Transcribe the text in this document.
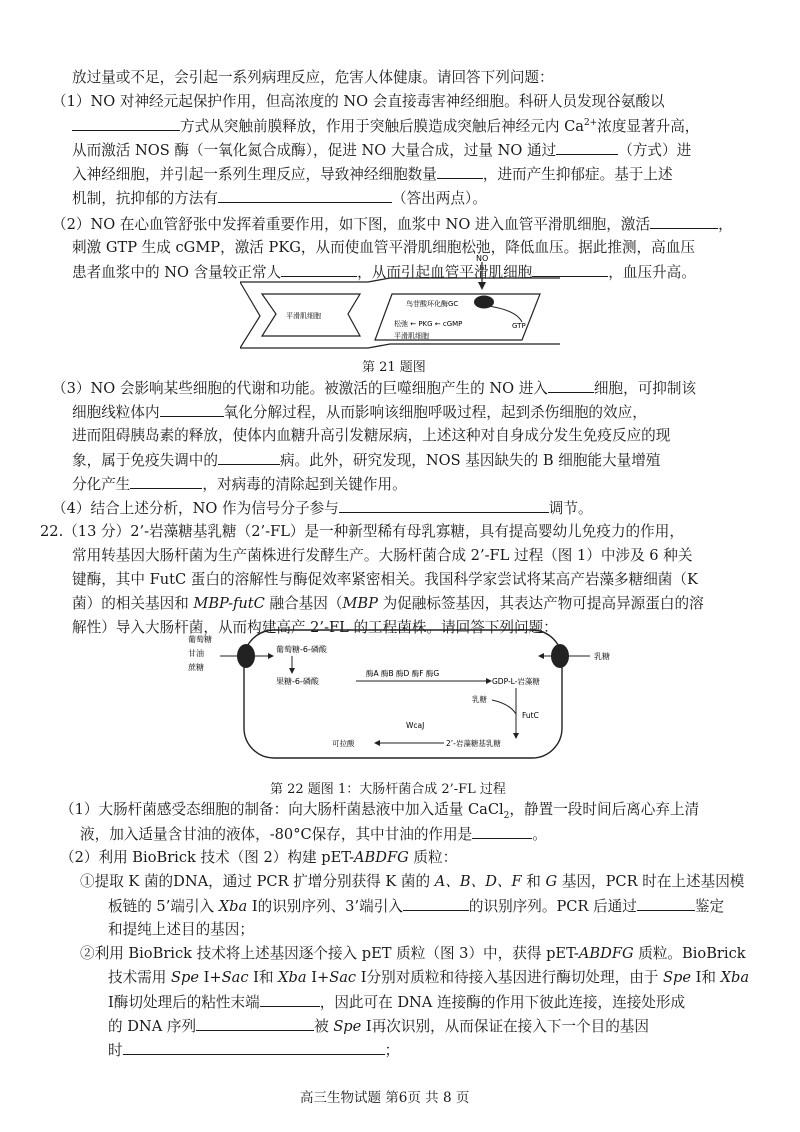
放过量或不足，会引起一系列病理反应，危害人体健康。请回答下列问题：
（1）NO 对神经元起保护作用，但高浓度的 NO 会直接毒害神经细胞。科研人员发现谷氨酸以
方式从突触前膜释放，作用于突触后膜造成突触后神经元内 $Ca^{2+}$浓度显著升高，
从而激活 NOS 酶（一氧化氮合成酶），促进 NO 大量合成，过量 NO 通过	（方式）进
入神经细胞，并引起一系列生理反应，导致神经细胞数量	，进而产生抑郁症。基于上述
机制，抗抑郁的方法有	（答出两点）。
（2）NO 在心血管舒张中发挥着重要作用，如下图，血浆中 NO 进入血管平滑肌细胞，激活	，
刺激 GTP 生成 cGMP，激活 PKG，从而使血管平滑肌细胞松弛，降低血压。据此推测，高血压
患者血浆中的 NO 含量较正常人	，从而引起血管平滑肌细胞	，血压升高。
NO
平滑肌细胞
鸟苷酸环化酶GC
松弛 ← PKG ← cGMP	GTP
平滑肌细胞
第 21 题图
（3）NO 会影响某些细胞的代谢和功能。被激活的巨噬细胞产生的 NO 进入	细胞，可抑制该
细胞线粒体内	氧化分解过程，从而影响该细胞呼吸过程，起到杀伤细胞的效应，
进而阻碍胰岛素的释放，使体内血糖升高引发糖尿病，上述这种对自身成分发生免疫反应的现
象，属于免疫失调中的	病。此外，研究发现，NOS 基因缺失的 B 细胞能大量增殖
分化产生	，对病毒的清除起到关键作用。
（4）结合上述分析，NO 作为信号分子参与	调节。
22.（13 分）2’-岩藻糖基乳糖（2’-FL）是一种新型稀有母乳寡糖，具有提高婴幼儿免疫力的作用，
常用转基因大肠杆菌为生产菌株进行发酵生产。大肠杆菌合成 2’-FL 过程（图 1）中涉及 6 种关
键酶，其中 FutC 蛋白的溶解性与酶促效率紧密相关。我国科学家尝试将某高产岩藻多糖细菌（K
菌）的相关基因和 MBP-futC 融合基因（MBP 为促融标签基因，其表达产物可提高异源蛋白的溶
解性）导入大肠杆菌，从而构建高产 2’-FL 的工程菌株。请回答下列问题：
葡萄糖
甘油
蔗糖
乳糖
葡萄糖-6-磷酸
果糖-6-磷酸
酶A 酶B 酶D 酶F 酶G
GDP-L-岩藻糖
乳糖
FutC
WcaJ
可拉酸	2’-岩藻糖基乳糖
第 22 题图 1：大肠杆菌合成 2’-FL 过程
（1）大肠杆菌感受态细胞的制备：向大肠杆菌悬液中加入适量 CaCl$_2$，静置一段时间后离心弃上清
液，加入适量含甘油的液体，-80°C保存，其中甘油的作用是	。
（2）利用 BioBrick 技术（图 2）构建 pET-ABDFG 质粒：
①提取 K 菌的DNA，通过 PCR 扩增分别获得 K 菌的 A、B、D、F 和 G 基因，PCR 时在上述基因模
板链的 5’端引入 Xba Ⅰ的识别序列、3’端引入	的识别序列。PCR 后通过	鉴定
和提纯上述目的基因；
②利用 BioBrick 技术将上述基因逐个接入 pET 质粒（图 3）中，获得 pET-ABDFG 质粒。BioBrick
技术需用 Spe Ⅰ+Sac Ⅰ和 Xba Ⅰ+Sac Ⅰ分别对质粒和待接入基因进行酶切处理，由于 Spe Ⅰ和 Xba
Ⅰ酶切处理后的粘性末端	，因此可在 DNA 连接酶的作用下彼此连接，连接处形成
的 DNA 序列	被 Spe Ⅰ再次识别，从而保证在接入下一个目的基因
时	；
高三生物试题 第6页 共 8 页
